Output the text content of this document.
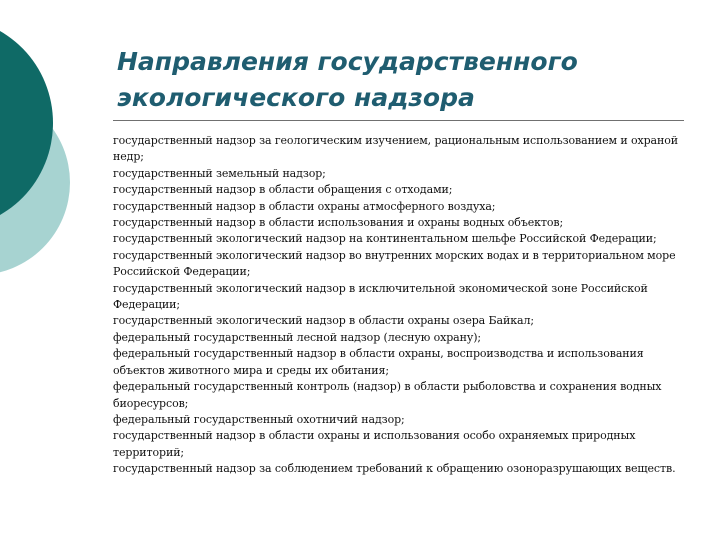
Направления государственного
экологического надзора
государственный надзор за геологическим изучением, рациональным использованием и охраной недр;
государственный земельный надзор;
государственный надзор в области обращения с отходами;
государственный надзор в области охраны атмосферного воздуха;
государственный надзор в области использования и охраны водных объектов;
государственный экологический надзор на континентальном шельфе Российской Федерации;
государственный экологический надзор во внутренних морских водах и в территориальном море Российской Федерации;
государственный экологический надзор в исключительной экономической зоне Российской Федерации;
государственный экологический надзор в области охраны озера Байкал;
федеральный государственный лесной надзор (лесную охрану);
федеральный государственный надзор в области охраны, воспроизводства и использования объектов животного мира и среды их обитания;
федеральный государственный контроль (надзор) в области рыболовства и сохранения водных биоресурсов;
федеральный государственный охотничий надзор;
государственный надзор в области охраны и использования особо охраняемых природных территорий;
государственный надзор за соблюдением требований к обращению озоноразрушающих веществ.
